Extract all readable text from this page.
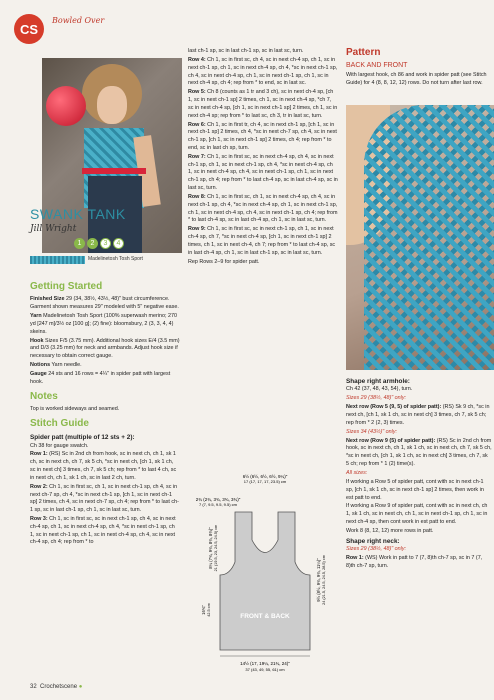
CS
Bowled Over
SWANK TANK
Jill Wright
1	2	3	4
Madelinetosh Tosh Sport
Getting Started

Finished Size 29 (34, 38½, 43½, 48)" bust circumference. Garment shown measures 29" modeled with 5" negative ease.

Yarn Madelinetosh Tosh Sport (100% superwash merino; 270 yd [247 m]/3½ oz [100 g]; (2) fine): bloomsbury, 2 (3, 3, 4, 4) skeins.

Hook Sizes F/5 (3.75 mm). Additional hook sizes E/4 (3.5 mm) and D/3 (3.25 mm) for neck and armbands. Adjust hook size if necessary to obtain correct gauge.

Notions Yarn needle.

Gauge 24 sts and 16 rows = 4¼" in spider patt with largest hook.

Notes

Top is worked sideways and seamed.

Stitch Guide
Spider patt (multiple of 12 sts + 2):

Ch 38 for gauge swatch.

Row 1: (RS) Sc in 2nd ch from hook, sc in next ch, ch 1, sk 1 ch, sc in next ch, ch 7, sk 5 ch, *sc in next ch, [ch 1, sk 1 ch, sc in next ch] 3 times, ch 7, sk 5 ch; rep from * to last 4 ch, sc in next ch, ch 1, sk 1 ch, sc in last 2 ch, turn.

Row 2: Ch 1, sc in first sc, ch 1, sc in next ch-1 sp, ch 4, sc in next ch-7 sp, ch 4, *sc in next ch-1 sp, [ch 1, sc in next ch-1 sp] 2 times, ch 4, sc in next ch-7 sp, ch 4; rep from * to last ch-1 sp, sc in last ch-1 sp, ch 1, sc in last sc, turn.

Row 3: Ch 1, sc in first sc, sc in next ch-1 sp, ch 4, sc in next ch-4 sp, ch 1, sc in next ch-4 sp, ch 4, *sc in next ch-1 sp, ch 1, sc in next ch-1 sp, ch 1, sc in next ch-4 sp, ch 4, sc in next ch-4 sp, ch 4; rep from * to

last ch-1 sp, sc in last ch-1 sp, sc in last sc, turn.

Row 4: Ch 1, sc in first sc, ch 4, sc in next ch-4 sp, ch 1, sc in next ch-1 sp, ch 1, sc in next ch-4 sp, ch 4, *sc in next ch-1 sp, ch 4, sc in next ch-4 sp, ch 1, sc in next ch-1 sp, ch 1, sc in next ch-4 sp, ch 4; rep from * to end, sc in last sc.

Row 5: Ch 8 (counts as 1 tr and 3 ch), sc in next ch-4 sp, [ch 1, sc in next ch-1 sp] 2 times, ch 1, sc in next ch-4 sp, *ch 7, sc in next ch-4 sp, [ch 1, sc in next ch-1 sp] 2 times, ch 1, sc in next ch-4 sp; rep from * to last sc, ch 3, tr in last sc, turn.

Row 6: Ch 1, sc in first tr, ch 4, sc in next ch-1 sp, [ch 1, sc in next ch-1 sp] 2 times, ch 4, *sc in next ch-7 sp, ch 4, sc in next ch-1 sp, [ch 1, sc in next ch-1 sp] 2 times, ch 4; rep from * to end, sc in last ch sp, turn.

Row 7: Ch 1, sc in first sc, sc in next ch-4 sp, ch 4, sc in next ch-1 sp, ch 1, sc in next ch-1 sp, ch 4, *sc in next ch-4 sp, ch 1, sc in next ch-4 sp, ch 4, sc in next ch-1 sp, ch 1, sc in next ch-1 sp, ch 4; rep from * to last ch-4 sp, sc in last ch-4 sp, sc in last sc, turn.

Row 8: Ch 1, sc in first sc, ch 1, sc in next ch-4 sp, ch 4, sc in next ch-1 sp, ch 4, *sc in next ch-4 sp, ch 1, sc in next ch-1 sp, ch 1, sc in next ch-4 sp, ch 4, sc in next ch-1 sp, ch 4; rep from * to last ch-4 sp, sc in last ch-4 sp, ch 1, sc in last sc, turn.

Row 9: Ch 1, sc in first sc, sc in next ch-1 sp, ch 1, sc in next ch-4 sp, ch 7, *sc in next ch-4 sp, [ch 1, sc in next ch-1 sp] 2 times, ch 1, sc in next ch-4, ch 7; rep from * to last ch-4 sp, sc in last ch-4 sp, ch 1, sc in last ch-1 sp, sc in last sc, turn.

Rep Rows 2–9 for spider patt.

6½ (6½, 6½, 6½, 9¼)"
17 (17, 17, 17, 23.5) cm
2¾ (2¾, 3¾, 3¾, 3¾)"
7 (7, 9.5, 9.5, 9.5) cm
FRONT & BACK
8¼ (7¾, 9¾, 8¾, 8¾)" 21 (19.5, 23, 24.5, 24.5) cm
16¾" 42.5 cm
9½ (8½, 9¾, 9¾, 11¼)" 24 (21.5, 24.5, 24.5, 28.5) cm
14½ (17, 19¼, 21¾, 24)"
37 (43, 49, 55, 61) cm
Pattern
BACK AND FRONT

With largest hook, ch 86 and work in spider patt (see Stitch Guide) for 4 (8, 8, 12, 12) rows. Do not turn after last row.

Shape right armhole:

Ch 42 (37, 48, 43, 54), turn.

Sizes 29 (38½, 48)" only:

Next row (Row 5 (9, 5) of spider patt): (RS) Sk 9 ch, *sc in next ch, [ch 1, sk 1 ch, sc in next ch] 3 times, ch 7, sk 5 ch; rep from * 2 (2, 3) times.

Sizes 34 (43½)" only:

Next row (Row 9 (5) of spider patt): (RS) Sc in 2nd ch from hook, sc in next ch, ch 1, sk 1 ch, sc in next ch, ch 7, sk 5 ch, *sc in next ch, [ch 1, sk 1 ch, sc in next ch] 3 times, ch 7, sk 5 ch; rep from * 1 (2) time(s).

All sizes:

If working a Row 5 of spider patt, cont with sc in next ch-1 sp, [ch 1, sk 1 ch, sc in next ch-1 sp] 2 times, then work in est patt to end.

If working a Row 9 of spider patt, cont with sc in next ch, ch 1, sk 1 ch, sc in next ch, ch 1, sc in next ch-1 sp, ch 1, sc in next ch-4 sp, then cont work in est patt to end.

Work 8 (8, 12, 12) more rows in patt.

Shape right neck:

Sizes 29 (38½, 48)" only:

Row 1: (WS) Work in patt to 7 (7, 8)th ch-7 sp, sc in 7 (7, 8)th ch-7 sp, turn.

32 Crochetscene ●
